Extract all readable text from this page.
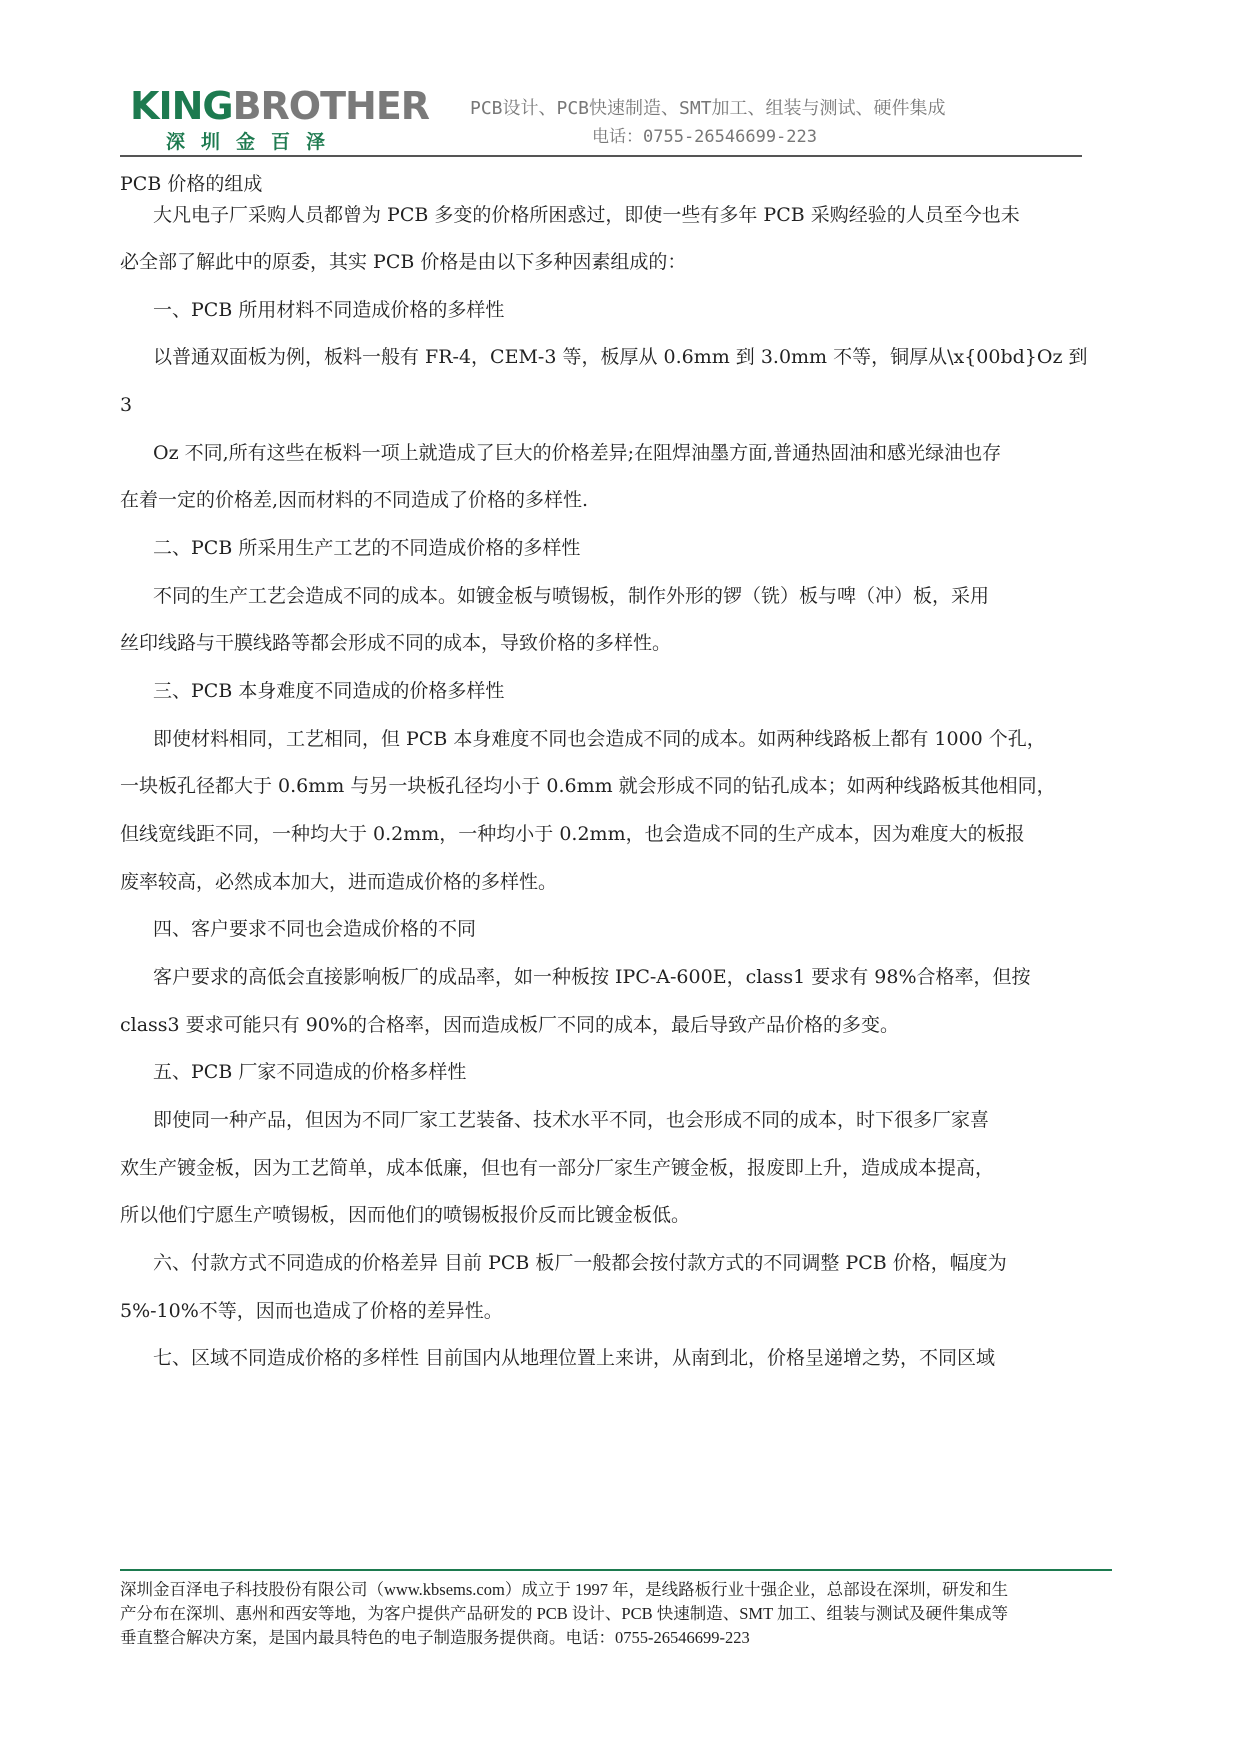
KINGBROTHER
深圳金百泽
PCB设计、PCB快速制造、SMT加工、组装与测试、硬件集成
电话：0755-26546699-223
PCB 价格的组成
大凡电子厂采购人员都曾为 PCB 多变的价格所困惑过，即使一些有多年 PCB 采购经验的人员至今也未
必全部了解此中的原委，其实 PCB 价格是由以下多种因素组成的：
一、PCB 所用材料不同造成价格的多样性
以普通双面板为例，板料一般有 FR-4，CEM-3 等，板厚从 0.6mm 到 3.0mm 不等，铜厚从\x{00bd}Oz 到
3
Oz 不同,所有这些在板料一项上就造成了巨大的价格差异;在阻焊油墨方面,普通热固油和感光绿油也存
在着一定的价格差,因而材料的不同造成了价格的多样性.
二、PCB 所采用生产工艺的不同造成价格的多样性
不同的生产工艺会造成不同的成本。如镀金板与喷锡板，制作外形的锣（铣）板与啤（冲）板，采用
丝印线路与干膜线路等都会形成不同的成本，导致价格的多样性。
三、PCB 本身难度不同造成的价格多样性
即使材料相同，工艺相同，但 PCB 本身难度不同也会造成不同的成本。如两种线路板上都有 1000 个孔，
一块板孔径都大于 0.6mm 与另一块板孔径均小于 0.6mm 就会形成不同的钻孔成本；如两种线路板其他相同，
但线宽线距不同，一种均大于 0.2mm，一种均小于 0.2mm，也会造成不同的生产成本，因为难度大的板报
废率较高，必然成本加大，进而造成价格的多样性。
四、客户要求不同也会造成价格的不同
客户要求的高低会直接影响板厂的成品率，如一种板按 IPC-A-600E，class1 要求有 98%合格率，但按
class3 要求可能只有 90%的合格率，因而造成板厂不同的成本，最后导致产品价格的多变。
五、PCB 厂家不同造成的价格多样性
即使同一种产品，但因为不同厂家工艺装备、技术水平不同，也会形成不同的成本，时下很多厂家喜
欢生产镀金板，因为工艺简单，成本低廉，但也有一部分厂家生产镀金板，报废即上升，造成成本提高，
所以他们宁愿生产喷锡板，因而他们的喷锡板报价反而比镀金板低。
六、付款方式不同造成的价格差异 目前 PCB 板厂一般都会按付款方式的不同调整 PCB 价格，幅度为
5%-10%不等，因而也造成了价格的差异性。
七、区域不同造成价格的多样性 目前国内从地理位置上来讲，从南到北，价格呈递增之势，不同区域
深圳金百泽电子科技股份有限公司（www.kbsems.com）成立于 1997 年，是线路板行业十强企业，总部设在深圳，研发和生
产分布在深圳、惠州和西安等地，为客户提供产品研发的 PCB 设计、PCB 快速制造、SMT 加工、组装与测试及硬件集成等
垂直整合解决方案，是国内最具特色的电子制造服务提供商。电话：0755-26546699-223
